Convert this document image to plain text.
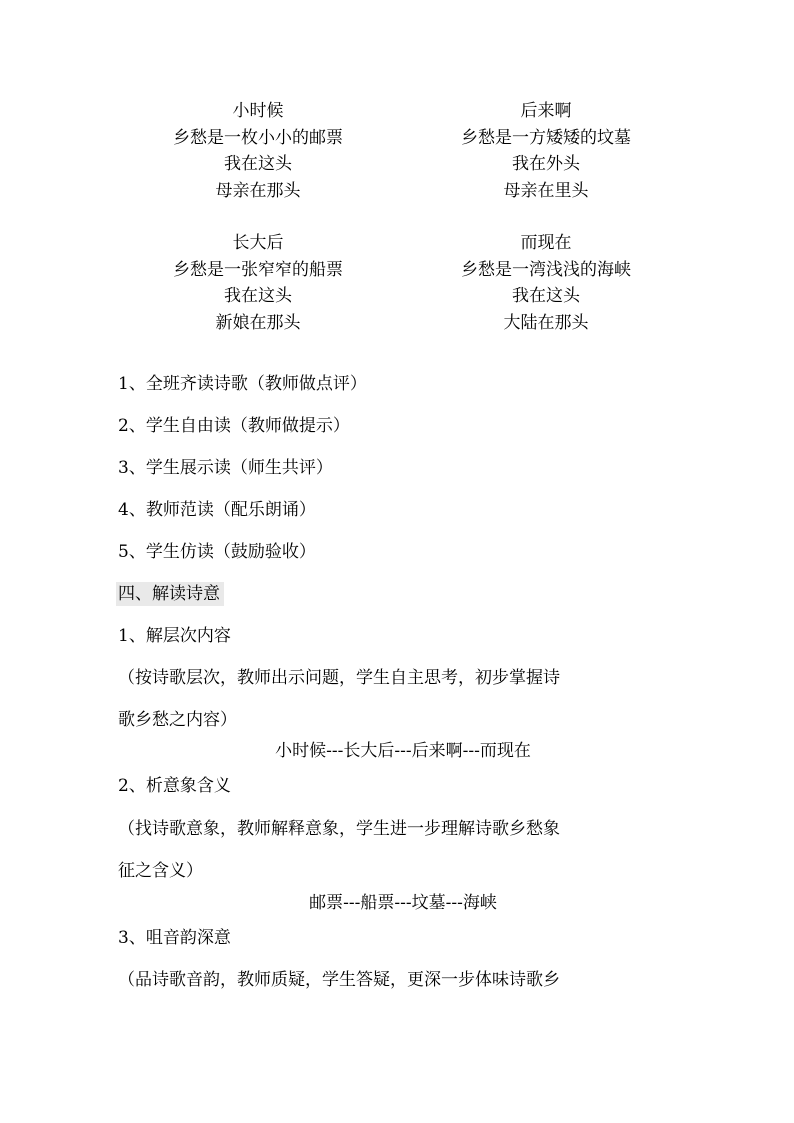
小时候
乡愁是一枚小小的邮票
我在这头
母亲在那头
后来啊
乡愁是一方矮矮的坟墓
我在外头
母亲在里头
长大后
乡愁是一张窄窄的船票
我在这头
新娘在那头
而现在
乡愁是一湾浅浅的海峡
我在这头
大陆在那头
1、全班齐读诗歌（教师做点评）
2、学生自由读（教师做提示）
3、学生展示读（师生共评）
4、教师范读（配乐朗诵）
5、学生仿读（鼓励验收）
四、解读诗意
1、解层次内容
（按诗歌层次，教师出示问题，学生自主思考，初步掌握诗
歌乡愁之内容）
小时候---长大后---后来啊---而现在
2、析意象含义
（找诗歌意象，教师解释意象，学生进一步理解诗歌乡愁象
征之含义）
邮票---船票---坟墓---海峡
3、咀音韵深意
（品诗歌音韵，教师质疑，学生答疑，更深一步体味诗歌乡
